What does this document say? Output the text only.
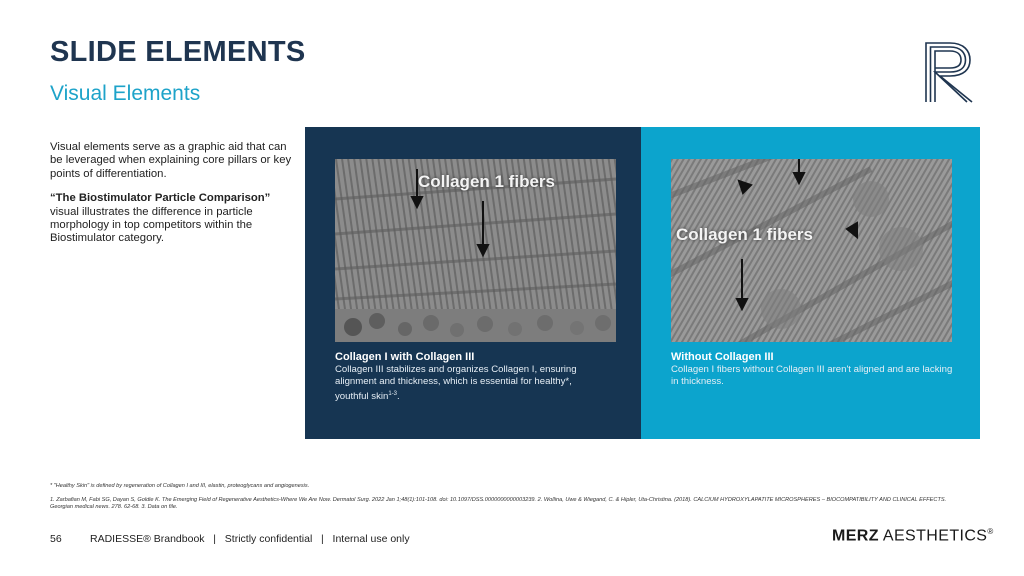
SLIDE ELEMENTS
Visual Elements

Visual elements serve as a graphic aid that can be leveraged when explaining core pillars or key points of differentiation.

“The Biostimulator Particle Comparison”
visual illustrates the difference in particle morphology in top competitors within the Biostimulator category.

Collagen 1 fibers
Collagen I with Collagen III
Collagen III stabilizes and organizes Collagen I, ensuring alignment and thickness, which is essential for healthy*, youthful skin$^{1-3}$.
Collagen 1 fibers
Without Collagen III
Collagen I fibers without Collagen III aren't aligned and are lacking in thickness.
* "Healthy Skin" is defined by regeneration of Collagen I and III, elastin, proteoglycans and angiogenesis.
1. Zarbafian M, Fabi SG, Dayan S, Goldie K. The Emerging Field of Regenerative Aesthetics-Where We Are Now. Dermatol Surg. 2022 Jan 1;48(1):101-108. doi: 10.1097/DSS.0000000000003239. 2. Wollina, Uwe & Wiegand, C. & Hipler, Uta-Christina. (2018). CALCIUM HYDROXYLAPATITE MICROSPHERES – BIOCOMPATIBILITY AND CLINICAL EFFECTS. Georgian medical news. 278. 62-68. 3. Data on file.
56	RADIESSE® Brandbook   |   Strictly confidential   |   Internal use only	MERZ AESTHETICS®
